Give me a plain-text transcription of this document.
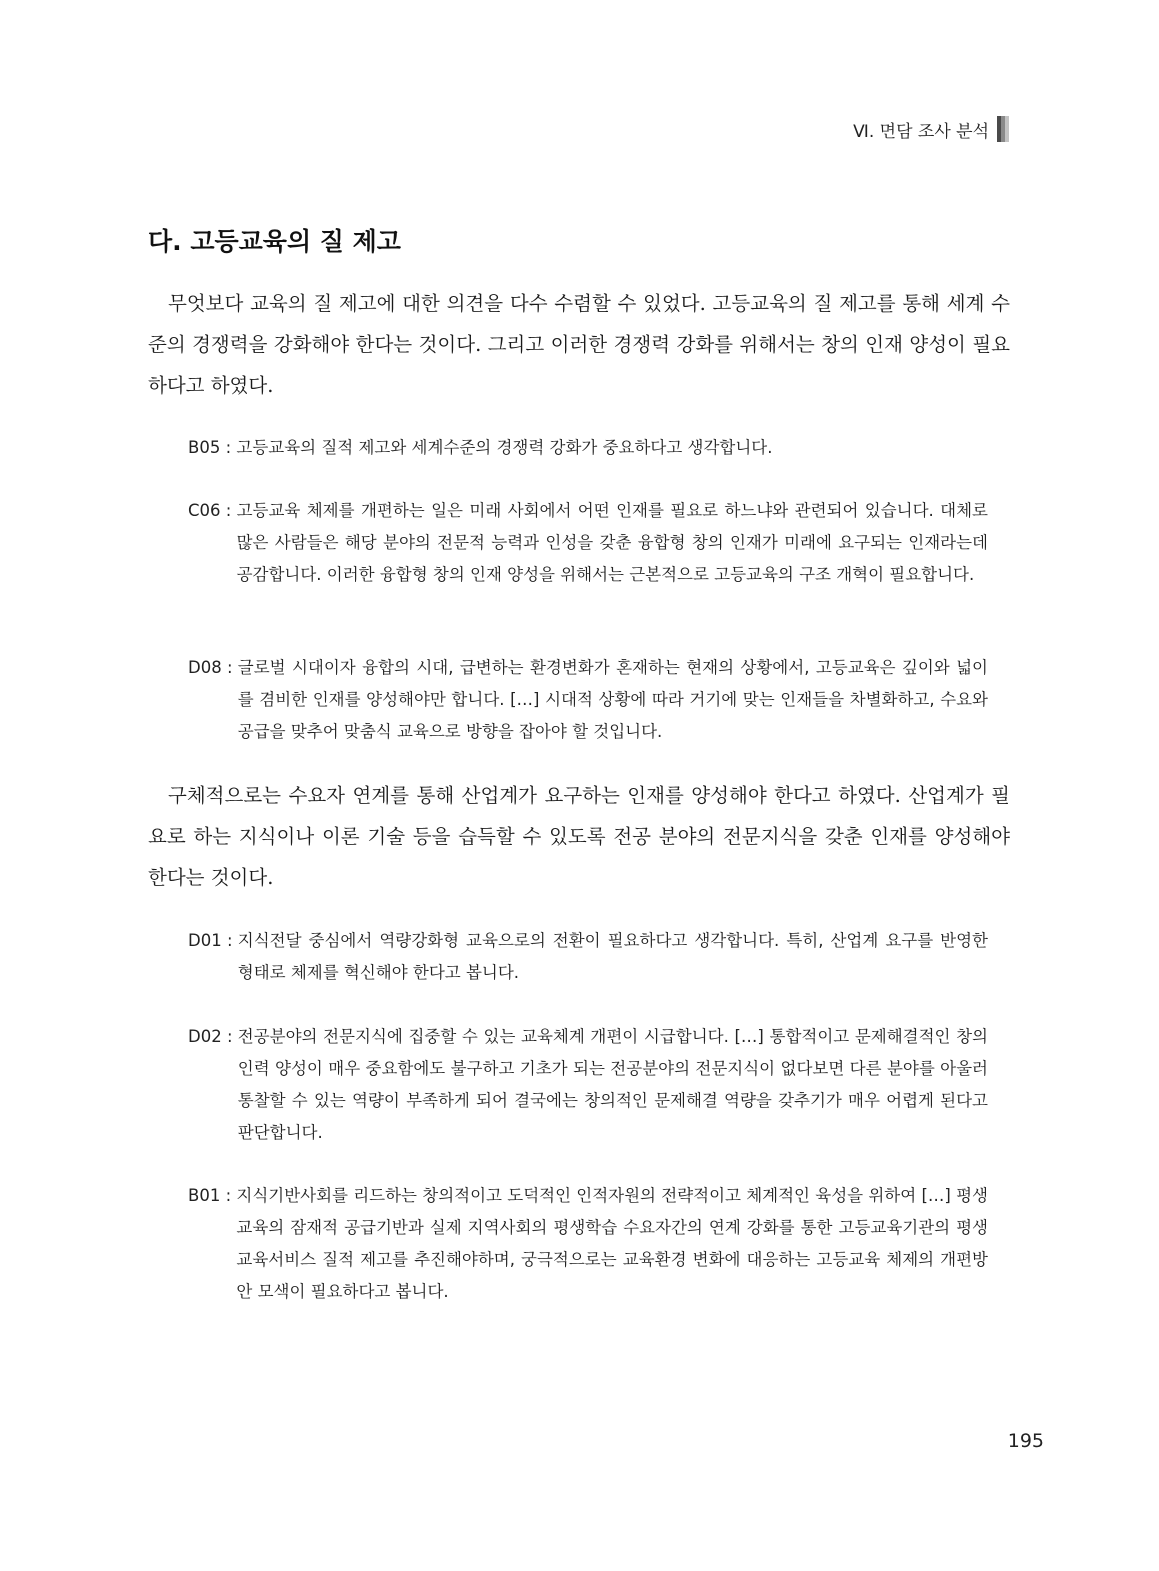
Ⅵ. 면담 조사 분석
다. 고등교육의 질 제고

무엇보다 교육의 질 제고에 대한 의견을 다수 수렴할 수 있었다. 고등교육의 질 제고를 통해 세계 수준의 경쟁력을 강화해야 한다는 것이다. 그리고 이러한 경쟁력 강화를 위해서는 창의 인재 양성이 필요하다고 하였다.

B05 : 고등교육의 질적 제고와 세계수준의 경쟁력 강화가 중요하다고 생각합니다.
C06 : 고등교육 체제를 개편하는 일은 미래 사회에서 어떤 인재를 필요로 하느냐와 관련되어 있습니다. 대체로 많은 사람들은 해당 분야의 전문적 능력과 인성을 갖춘 융합형 창의 인재가 미래에 요구되는 인재라는데 공감합니다. 이러한 융합형 창의 인재 양성을 위해서는 근본적으로 고등교육의 구조 개혁이 필요합니다.
D08 : 글로벌 시대이자 융합의 시대, 급변하는 환경변화가 혼재하는 현재의 상황에서, 고등교육은 깊이와 넓이를 겸비한 인재를 양성해야만 합니다. […] 시대적 상황에 따라 거기에 맞는 인재들을 차별화하고, 수요와 공급을 맞추어 맞춤식 교육으로 방향을 잡아야 할 것입니다.

구체적으로는 수요자 연계를 통해 산업계가 요구하는 인재를 양성해야 한다고 하였다. 산업계가 필요로 하는 지식이나 이론 기술 등을 습득할 수 있도록 전공 분야의 전문지식을 갖춘 인재를 양성해야 한다는 것이다.

D01 : 지식전달 중심에서 역량강화형 교육으로의 전환이 필요하다고 생각합니다. 특히, 산업계 요구를 반영한 형태로 체제를 혁신해야 한다고 봅니다.
D02 : 전공분야의 전문지식에 집중할 수 있는 교육체계 개편이 시급합니다. […] 통합적이고 문제해결적인 창의인력 양성이 매우 중요함에도 불구하고 기초가 되는 전공분야의 전문지식이 없다보면 다른 분야를 아울러 통찰할 수 있는 역량이 부족하게 되어 결국에는 창의적인 문제해결 역량을 갖추기가 매우 어렵게 된다고 판단합니다.
B01 : 지식기반사회를 리드하는 창의적이고 도덕적인 인적자원의 전략적이고 체계적인 육성을 위하여 […] 평생교육의 잠재적 공급기반과 실제 지역사회의 평생학습 수요자간의 연계 강화를 통한 고등교육기관의 평생교육서비스 질적 제고를 추진해야하며, 궁극적으로는 교육환경 변화에 대응하는 고등교육 체제의 개편방안 모색이 필요하다고 봅니다.
195
